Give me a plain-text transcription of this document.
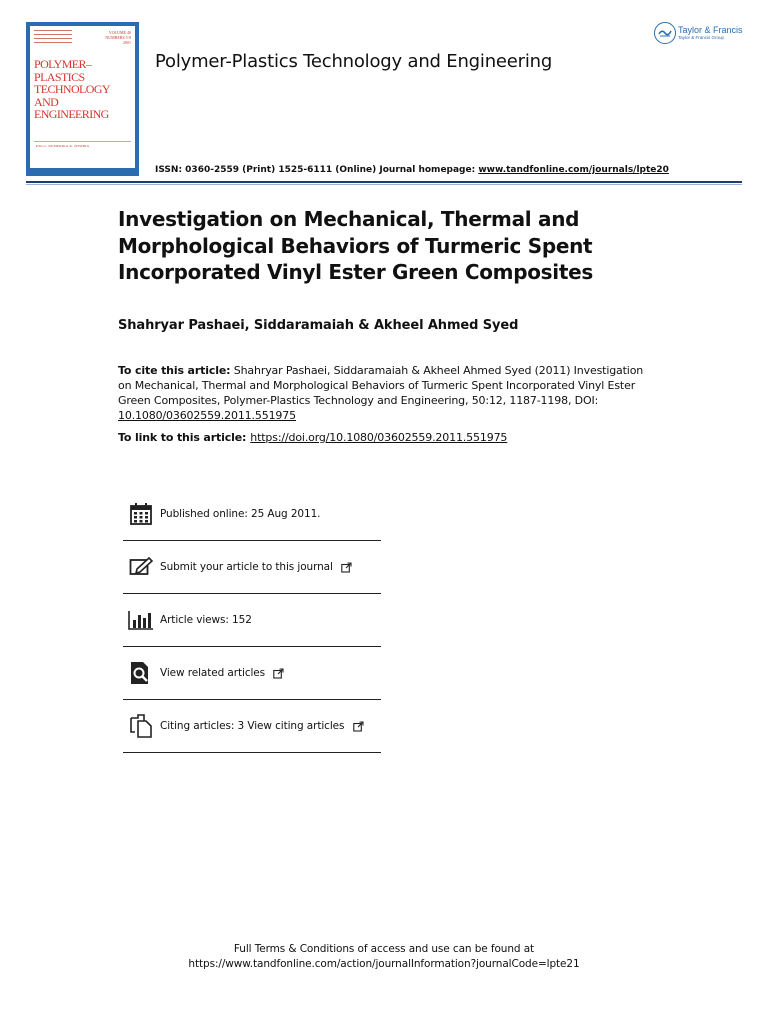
VOLUME 40 NUMBERS 5-8 2001
POLYMER–PLASTICS
TECHNOLOGY
AND
ENGINEERING
Editor: NUMERIKA K. MISHRA
Polymer-Plastics Technology and Engineering
Taylor & Francis
Taylor & Francis Group
ISSN: 0360-2559 (Print) 1525-6111 (Online) Journal homepage: www.tandfonline.com/journals/lpte20
Investigation on Mechanical, Thermal and Morphological Behaviors of Turmeric Spent Incorporated Vinyl Ester Green Composites
Shahryar Pashaei, Siddaramaiah & Akheel Ahmed Syed
To cite this article: Shahryar Pashaei, Siddaramaiah & Akheel Ahmed Syed (2011) Investigation on Mechanical, Thermal and Morphological Behaviors of Turmeric Spent Incorporated Vinyl Ester Green Composites, Polymer-Plastics Technology and Engineering, 50:12, 1187-1198, DOI: 10.1080/03602559.2011.551975
To link to this article: https://doi.org/10.1080/03602559.2011.551975
Published online: 25 Aug 2011.
Submit your article to this journal
Article views: 152
View related articles
Citing articles: 3 View citing articles
Full Terms & Conditions of access and use can be found at
https://www.tandfonline.com/action/journalInformation?journalCode=lpte21
